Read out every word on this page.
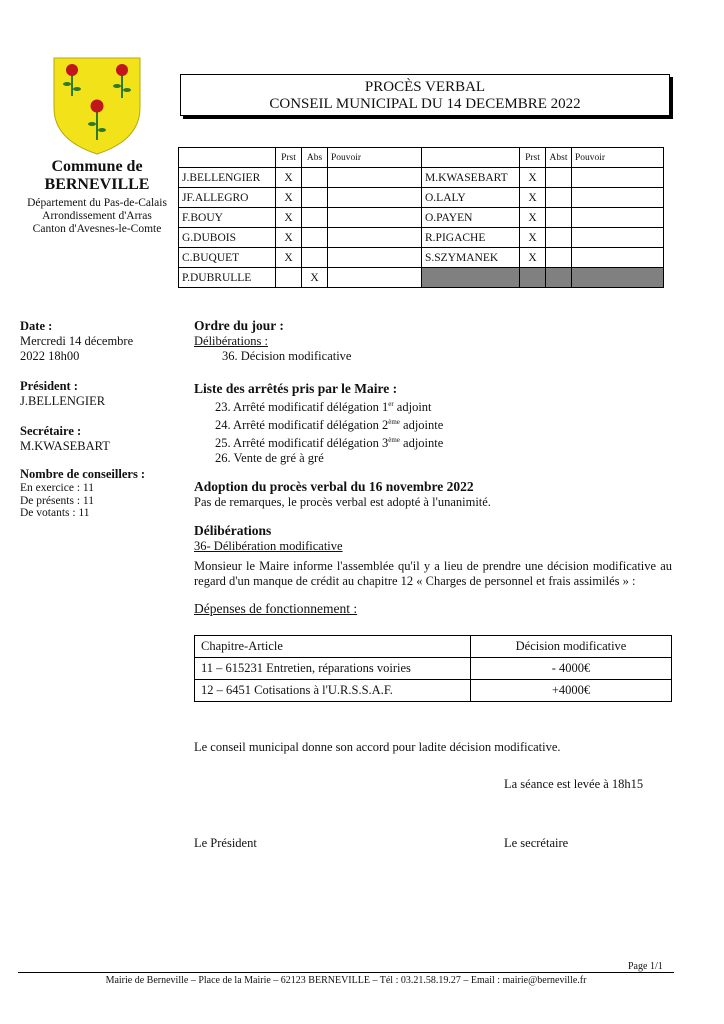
PROCÈS VERBAL
CONSEIL MUNICIPAL DU 14 DECEMBRE 2022
Commune de
BERNEVILLE
Département du Pas-de-Calais
Arrondissement d'Arras
Canton d'Avesnes-le-Comte
	Prst	Abs	Pouvoir		Prst	Abst	Pouvoir
J.BELLENGIER	X			M.KWASEBART	X		
JF.ALLEGRO	X			O.LALY	X		
F.BOUY	X			O.PAYEN	X		
G.DUBOIS	X			R.PIGACHE	X		
C.BUQUET	X			S.SZYMANEK	X		
P.DUBRULLE		X					
Date :
Mercredi 14 décembre
2022 18h00
Président :
J.BELLENGIER
Secrétaire :
M.KWASEBART
Nombre de conseillers :
En exercice : 11
De présents : 11
De votants : 11
Ordre du jour :
Délibérations :
36. Décision modificative
Liste des arrêtés pris par le Maire :
23. Arrêté modificatif délégation 1er adjoint
24. Arrêté modificatif délégation 2ème adjointe
25. Arrêté modificatif délégation 3ème adjointe
26. Vente de gré à gré
Adoption du procès verbal du 16 novembre 2022
Pas de remarques, le procès verbal est adopté à l'unanimité.
Délibérations
36- Délibération modificative
Monsieur le Maire informe l'assemblée qu'il y a lieu de prendre une décision modificative au regard d'un manque de crédit au chapitre 12 « Charges de personnel et frais assimilés » :
Dépenses de fonctionnement :
Chapitre-Article	Décision modificative
11 – 615231 Entretien, réparations voiries	- 4000€
12 – 6451 Cotisations à l'U.R.S.S.A.F.	+4000€
Le conseil municipal donne son accord pour ladite décision modificative.
La séance est levée à 18h15
Le Président	Le secrétaire
Page 1/1
Mairie de Berneville – Place de la Mairie – 62123 BERNEVILLE – Tél : 03.21.58.19.27 – Email : mairie@berneville.fr
